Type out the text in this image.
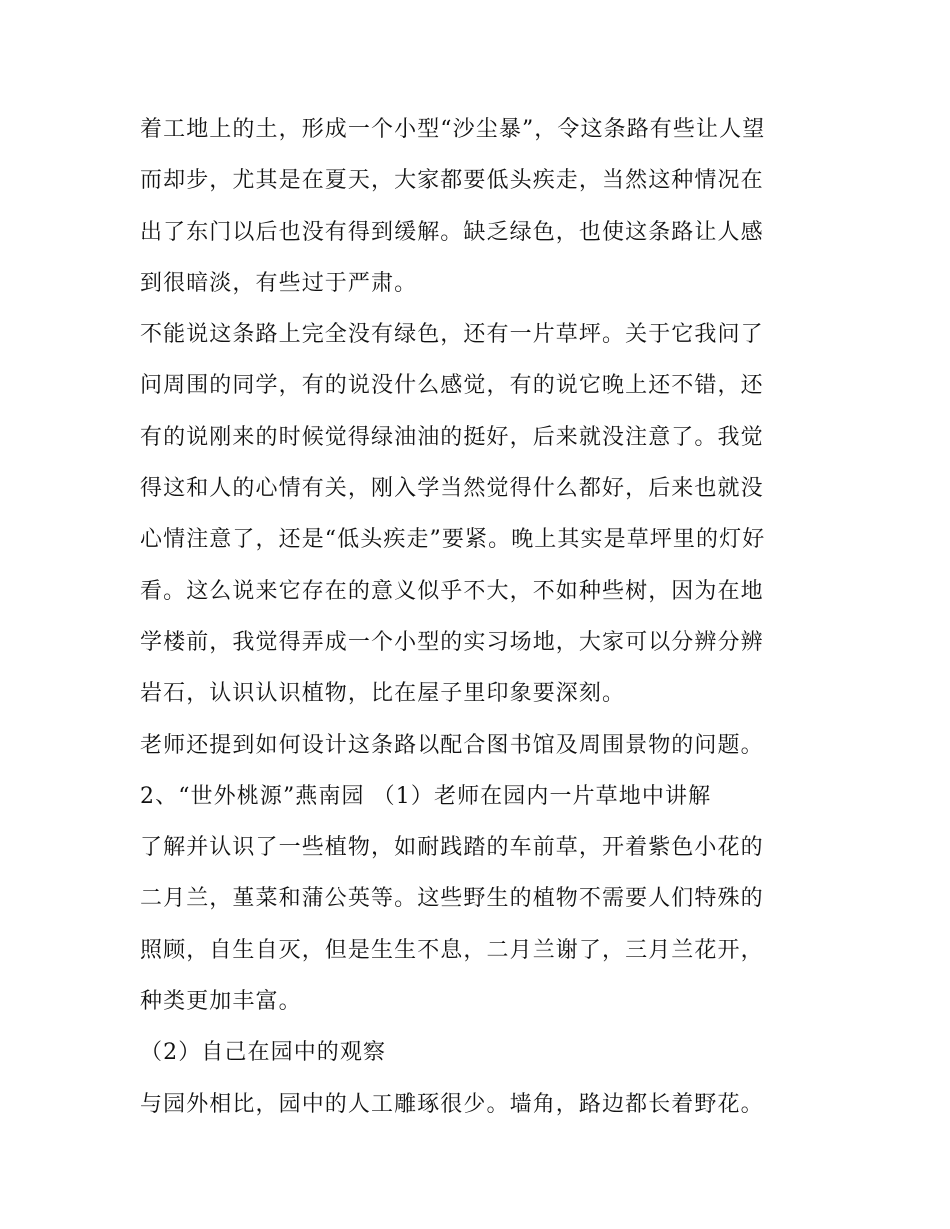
着工地上的土，形成一个小型“沙尘暴”，令这条路有些让人望
而却步，尤其是在夏天，大家都要低头疾走，当然这种情况在
出了东门以后也没有得到缓解。缺乏绿色，也使这条路让人感
到很暗淡，有些过于严肃。
不能说这条路上完全没有绿色，还有一片草坪。关于它我问了
问周围的同学，有的说没什么感觉，有的说它晚上还不错，还
有的说刚来的时候觉得绿油油的挺好，后来就没注意了。我觉
得这和人的心情有关，刚入学当然觉得什么都好，后来也就没
心情注意了，还是“低头疾走”要紧。晚上其实是草坪里的灯好
看。这么说来它存在的意义似乎不大，不如种些树，因为在地
学楼前，我觉得弄成一个小型的实习场地，大家可以分辨分辨
岩石，认识认识植物，比在屋子里印象要深刻。
老师还提到如何设计这条路以配合图书馆及周围景物的问题。
2、“世外桃源”燕南园 （1）老师在园内一片草地中讲解
了解并认识了一些植物，如耐践踏的车前草，开着紫色小花的
二月兰，堇菜和蒲公英等。这些野生的植物不需要人们特殊的
照顾，自生自灭，但是生生不息，二月兰谢了，三月兰花开，
种类更加丰富。
（2）自己在园中的观察
与园外相比，园中的人工雕琢很少。墙角，路边都长着野花。
